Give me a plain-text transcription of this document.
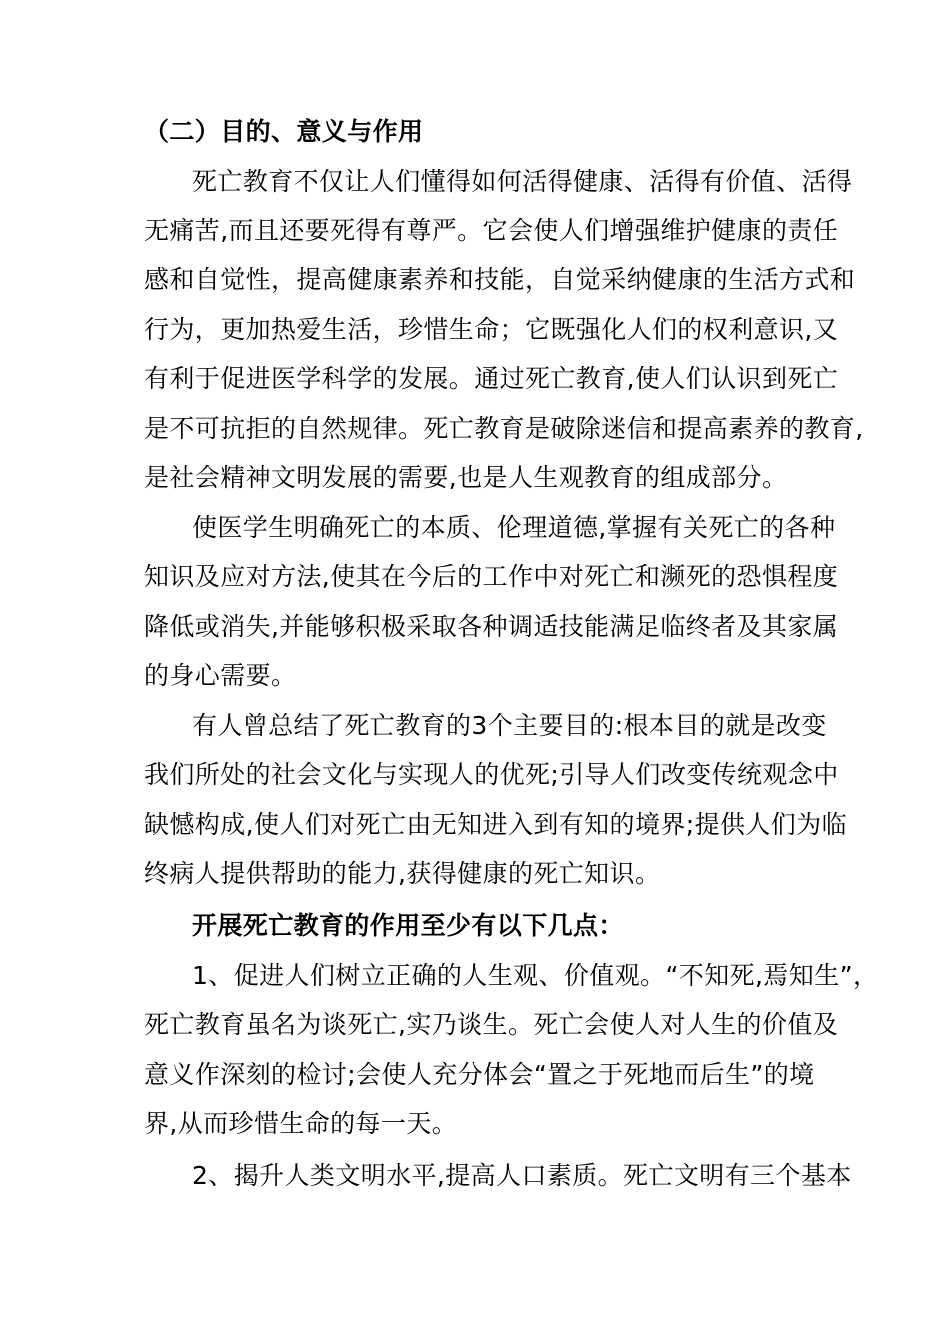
（二）目的、意义与作用
死亡教育不仅让人们懂得如何活得健康、活得有价值、活得
无痛苦,而且还要死得有尊严。它会使人们增强维护健康的责任
感和自觉性，提高健康素养和技能，自觉采纳健康的生活方式和
行为，更加热爱生活，珍惜生命；它既强化人们的权利意识,又
有利于促进医学科学的发展。通过死亡教育,使人们认识到死亡
是不可抗拒的自然规律。死亡教育是破除迷信和提高素养的教育,
是社会精神文明发展的需要,也是人生观教育的组成部分。
使医学生明确死亡的本质、伦理道德,掌握有关死亡的各种
知识及应对方法,使其在今后的工作中对死亡和濒死的恐惧程度
降低或消失,并能够积极采取各种调适技能满足临终者及其家属
的身心需要。
有人曾总结了死亡教育的3个主要目的:根本目的就是改变
我们所处的社会文化与实现人的优死;引导人们改变传统观念中
缺憾构成,使人们对死亡由无知进入到有知的境界;提供人们为临
终病人提供帮助的能力,获得健康的死亡知识。
开展死亡教育的作用至少有以下几点：
1、促进人们树立正确的人生观、价值观。“不知死,焉知生”，
死亡教育虽名为谈死亡,实乃谈生。死亡会使人对人生的价值及
意义作深刻的检讨;会使人充分体会“置之于死地而后生”的境
界,从而珍惜生命的每一天。
2、揭升人类文明水平,提高人口素质。死亡文明有三个基本
